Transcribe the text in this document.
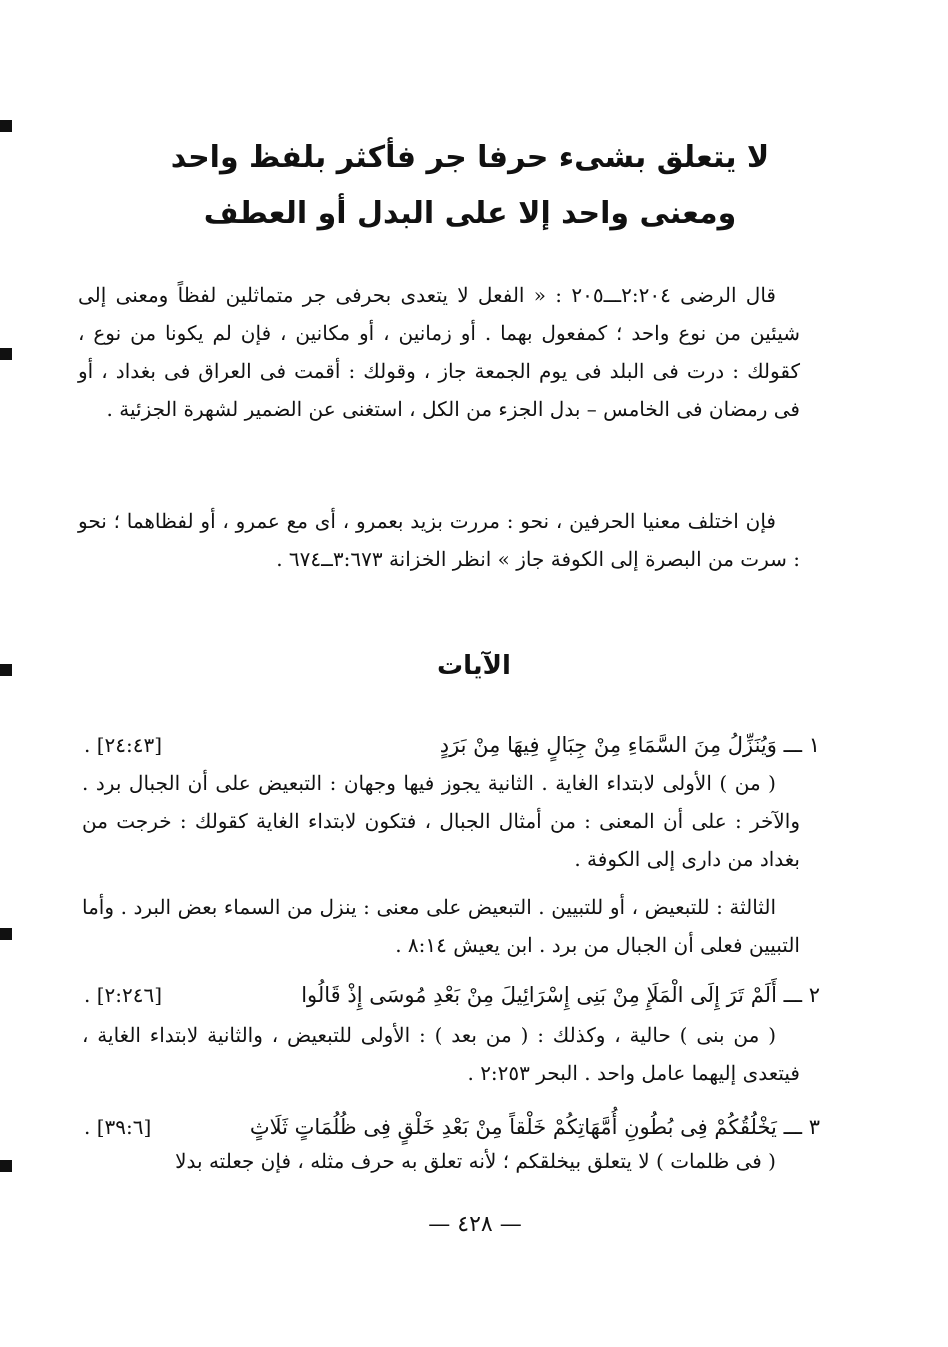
لا يتعلق بشىء حرفا جر فأكثر بلفظ واحد
ومعنى واحد إلا على البدل أو العطف
قال الرضى ٢:٢٠٤ـــ٢٠٥ : « الفعل لا يتعدى بحرفى جر متماثلين لفظاً ومعنى إلى شيئين من نوع واحد ؛ كمفعول بهما . أو زمانين ، أو مكانين ، فإن لم يكونا من نوع ، كقولك : درت فى البلد فى يوم الجمعة جاز ، وقولك : أقمت فى العراق فى بغداد ، أو فى رمضان فى الخامس – بدل الجزء من الكل ، استغنى عن الضمير لشهرة الجزئية .
فإن اختلف معنيا الحرفين ، نحو : مررت بزيد بعمرو ، أى مع عمرو ، أو لفظاهما ؛ نحو : سرت من البصرة إلى الكوفة جاز » انظر الخزانة ٣:٦٧٣ــ٦٧٤ .
الآيات
١ ـــ وَيُنَزِّلُ مِنَ السَّمَاءِ مِنْ جِبَالٍ فِيهَا مِنْ بَرَدٍ
[٢٤:٤٣] .
( من ) الأولى لابتداء الغاية . الثانية يجوز فيها وجهان : التبعيض على أن الجبال برد . والآخر : على أن المعنى : من أمثال الجبال ، فتكون لابتداء الغاية كقولك : خرجت من بغداد من دارى إلى الكوفة .
الثالثة : للتبعيض ، أو للتبيين . التبعيض على معنى : ينزل من السماء بعض البرد . وأما التبيين فعلى أن الجبال من برد . ابن يعيش ٨:١٤ .
٢ ـــ أَلَمْ تَرَ إِلَى الْمَلَإِ مِنْ بَنِى إِسْرَائِيلَ مِنْ بَعْدِ مُوسَى إِذْ قَالُوا
[٢:٢٤٦] .
( من بنى ) حالية ، وكذلك : ( من بعد ) : الأولى للتبعيض ، والثانية لابتداء الغاية ، فيتعدى إليهما عامل واحد . البحر ٢:٢٥٣ .
٣ ـــ يَخْلُقُكُمْ فِى بُطُونِ أُمَّهَاتِكُمْ خَلْقاً مِنْ بَعْدِ خَلْقٍ فِى ظُلُمَاتٍ ثَلَاثٍ
[٣٩:٦] .
( فى ظلمات ) لا يتعلق بيخلقكم ؛ لأنه تعلق به حرف مثله ، فإن جعلته بدلا
— ٤٢٨ —
